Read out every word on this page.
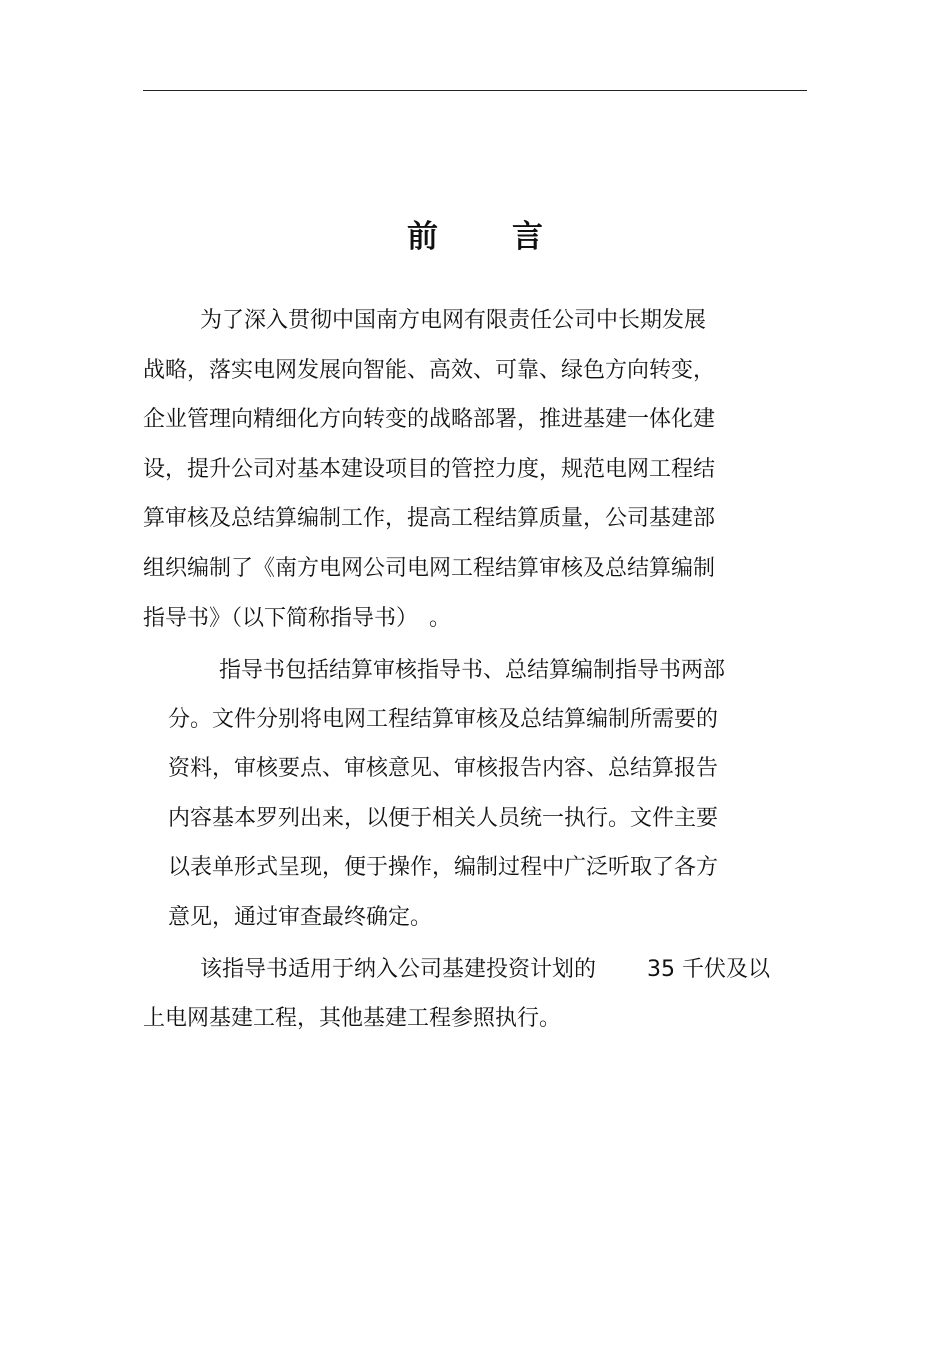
前 言

为了深入贯彻中国南方电网有限责任公司中长期发展

战略，落实电网发展向智能、高效、可靠、绿色方向转变，

企业管理向精细化方向转变的战略部署，推进基建一体化建

设，提升公司对基本建设项目的管控力度，规范电网工程结

算审核及总结算编制工作，提高工程结算质量，公司基建部

组织编制了《南方电网公司电网工程结算审核及总结算编制

指导书》（以下简称指导书）　。

指导书包括结算审核指导书、总结算编制指导书两部

分。文件分别将电网工程结算审核及总结算编制所需要的

资料，审核要点、审核意见、审核报告内容、总结算报告

内容基本罗列出来，以便于相关人员统一执行。文件主要

以表单形式呈现，便于操作，编制过程中广泛听取了各方

意见，通过审查最终确定。

该指导书适用于纳入公司基建投资计划的　　 35 千伏及以

上电网基建工程，其他基建工程参照执行。
